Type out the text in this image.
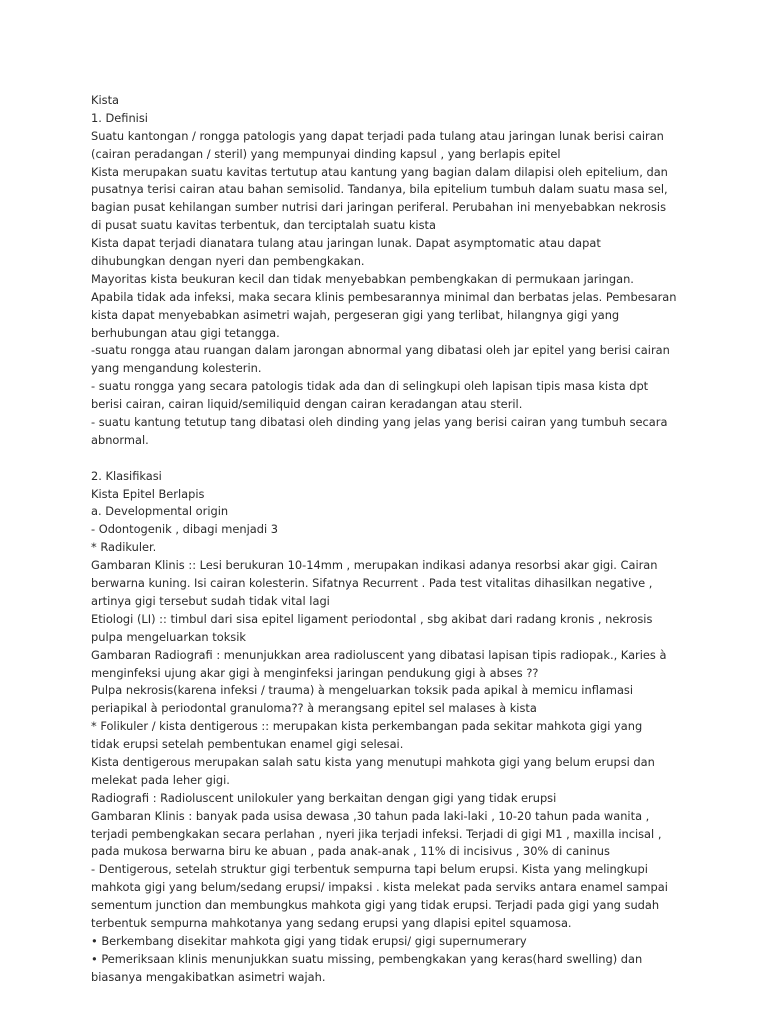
Kista
1. Definisi
Suatu kantongan / rongga patologis yang dapat terjadi pada tulang atau jaringan lunak berisi cairan
(cairan peradangan / steril) yang mempunyai dinding kapsul , yang berlapis epitel
Kista merupakan suatu kavitas tertutup atau kantung yang bagian dalam dilapisi oleh epitelium, dan
pusatnya terisi cairan atau bahan semisolid. Tandanya, bila epitelium tumbuh dalam suatu masa sel,
bagian pusat kehilangan sumber nutrisi dari jaringan periferal. Perubahan ini menyebabkan nekrosis
di pusat suatu kavitas terbentuk, dan terciptalah suatu kista
Kista dapat terjadi dianatara tulang atau jaringan lunak. Dapat asymptomatic atau dapat
dihubungkan dengan nyeri dan pembengkakan.
Mayoritas kista beukuran kecil dan tidak menyebabkan pembengkakan di permukaan jaringan.
Apabila tidak ada infeksi, maka secara klinis pembesarannya minimal dan berbatas jelas. Pembesaran
kista dapat menyebabkan asimetri wajah, pergeseran gigi yang terlibat, hilangnya gigi yang
berhubungan atau gigi tetangga.
-suatu rongga atau ruangan dalam jarongan abnormal yang dibatasi oleh jar epitel yang berisi cairan
yang mengandung kolesterin.
- suatu rongga yang secara patologis tidak ada dan di selingkupi oleh lapisan tipis masa kista dpt
berisi cairan, cairan liquid/semiliquid dengan cairan keradangan atau steril.
- suatu kantung tetutup tang dibatasi oleh dinding yang jelas yang berisi cairan yang tumbuh secara
abnormal.
2. Klasifikasi
Kista Epitel Berlapis
a. Developmental origin
- Odontogenik , dibagi menjadi 3
* Radikuler.
Gambaran Klinis :: Lesi berukuran 10-14mm , merupakan indikasi adanya resorbsi akar gigi. Cairan
berwarna kuning. Isi cairan kolesterin. Sifatnya Recurrent . Pada test vitalitas dihasilkan negative ,
artinya gigi tersebut sudah tidak vital lagi
Etiologi (LI) :: timbul dari sisa epitel ligament periodontal , sbg akibat dari radang kronis , nekrosis
pulpa mengeluarkan toksik
Gambaran Radiografi : menunjukkan area radioluscent yang dibatasi lapisan tipis radiopak., Karies à
menginfeksi ujung akar gigi à menginfeksi jaringan pendukung gigi à abses ??
Pulpa nekrosis(karena infeksi / trauma) à mengeluarkan toksik pada apikal à memicu inflamasi
periapikal à periodontal granuloma?? à merangsang epitel sel malases à kista
* Folikuler / kista dentigerous :: merupakan kista perkembangan pada sekitar mahkota gigi yang
tidak erupsi setelah pembentukan enamel gigi selesai.
Kista dentigerous merupakan salah satu kista yang menutupi mahkota gigi yang belum erupsi dan
melekat pada leher gigi.
Radiografi : Radioluscent unilokuler yang berkaitan dengan gigi yang tidak erupsi
Gambaran Klinis : banyak pada usisa dewasa ,30 tahun pada laki-laki , 10-20 tahun pada wanita ,
terjadi pembengkakan secara perlahan , nyeri jika terjadi infeksi. Terjadi di gigi M1 , maxilla incisal ,
pada mukosa berwarna biru ke abuan , pada anak-anak , 11% di incisivus , 30% di caninus
- Dentigerous, setelah struktur gigi terbentuk sempurna tapi belum erupsi. Kista yang melingkupi
mahkota gigi yang belum/sedang erupsi/ impaksi . kista melekat pada serviks antara enamel sampai
sementum junction dan membungkus mahkota gigi yang tidak erupsi. Terjadi pada gigi yang sudah
terbentuk sempurna mahkotanya yang sedang erupsi yang dlapisi epitel squamosa.
• Berkembang disekitar mahkota gigi yang tidak erupsi/ gigi supernumerary
• Pemeriksaan klinis menunjukkan suatu missing, pembengkakan yang keras(hard swelling) dan
biasanya mengakibatkan asimetri wajah.
